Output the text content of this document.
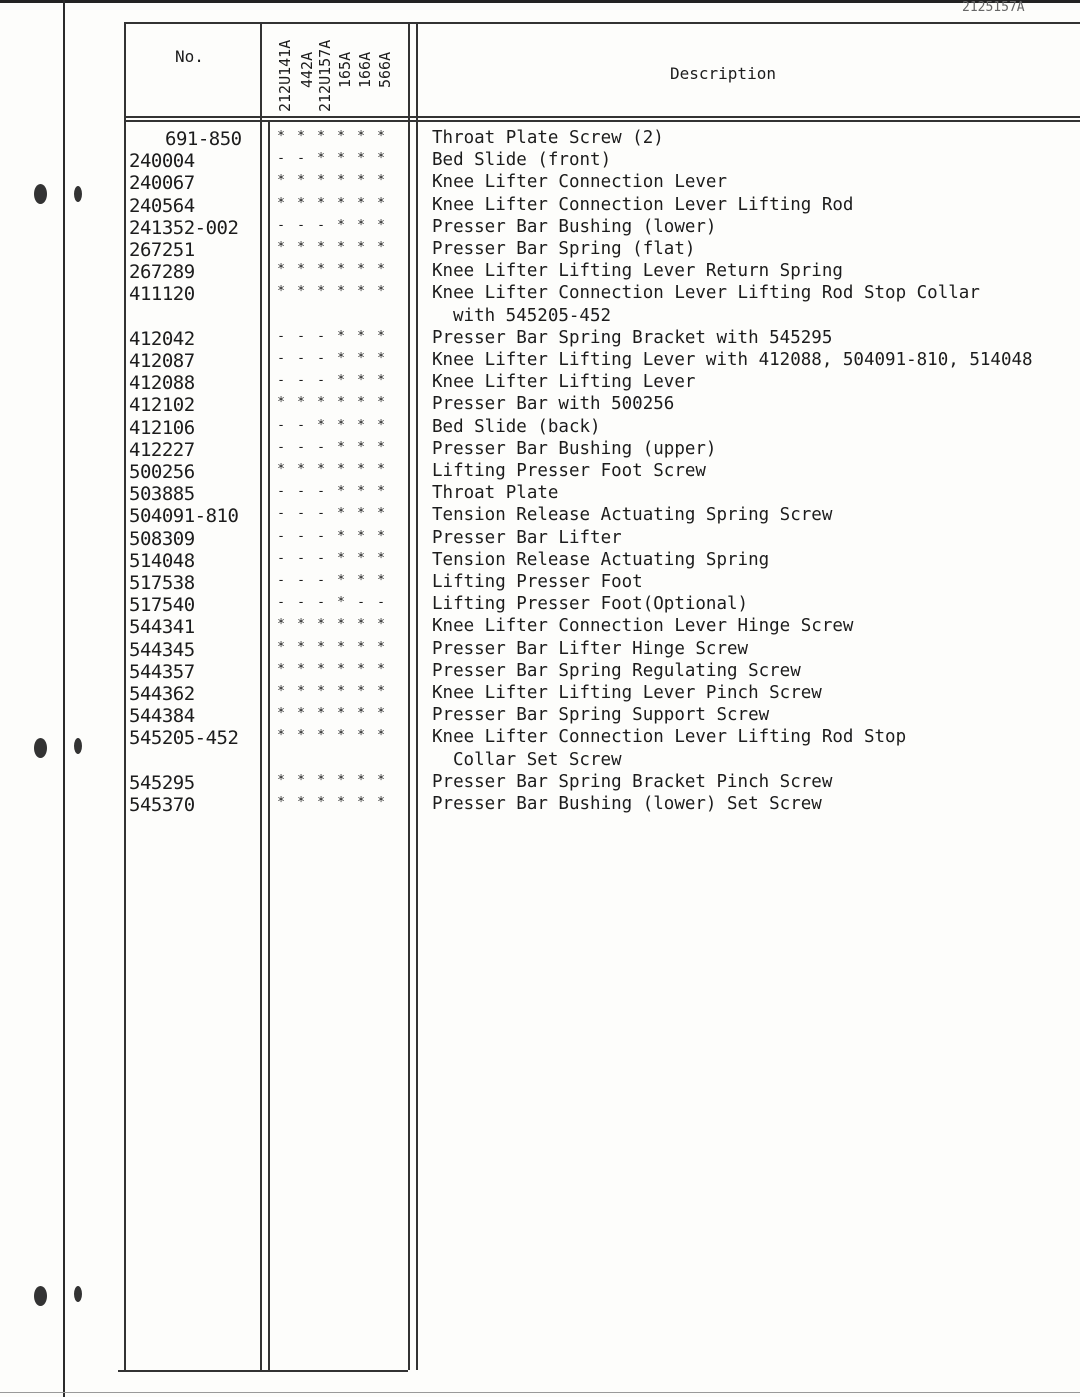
2125157A
No.
Description
212U141A 442A 212U157A 165A 166A 566A
691-850	* * * * * *	Throat Plate Screw (2)
240004	- - * * * *	Bed Slide (front)
240067	* * * * * *	Knee Lifter Connection Lever
240564	* * * * * *	Knee Lifter Connection Lever Lifting Rod
241352-002	- - - * * *	Presser Bar Bushing (lower)
267251	* * * * * *	Presser Bar Spring (flat)
267289	* * * * * *	Knee Lifter Lifting Lever Return Spring
411120	* * * * * *	Knee Lifter Connection Lever Lifting Rod Stop Collar
with 545205-452
412042	- - - * * *	Presser Bar Spring Bracket with 545295
412087	- - - * * *	Knee Lifter Lifting Lever with 412088, 504091-810, 514048
412088	- - - * * *	Knee Lifter Lifting Lever
412102	* * * * * *	Presser Bar with 500256
412106	- - * * * *	Bed Slide (back)
412227	- - - * * *	Presser Bar Bushing (upper)
500256	* * * * * *	Lifting Presser Foot Screw
503885	- - - * * *	Throat Plate
504091-810	- - - * * *	Tension Release Actuating Spring Screw
508309	- - - * * *	Presser Bar Lifter
514048	- - - * * *	Tension Release Actuating Spring
517538	- - - * * *	Lifting Presser Foot
517540	- - - * - -	Lifting Presser Foot(Optional)
544341	* * * * * *	Knee Lifter Connection Lever Hinge Screw
544345	* * * * * *	Presser Bar Lifter Hinge Screw
544357	* * * * * *	Presser Bar Spring Regulating Screw
544362	* * * * * *	Knee Lifter Lifting Lever Pinch Screw
544384	* * * * * *	Presser Bar Spring Support Screw
545205-452	* * * * * *	Knee Lifter Connection Lever Lifting Rod Stop
Collar Set Screw
545295	* * * * * *	Presser Bar Spring Bracket Pinch Screw
545370	* * * * * *	Presser Bar Bushing (lower) Set Screw
